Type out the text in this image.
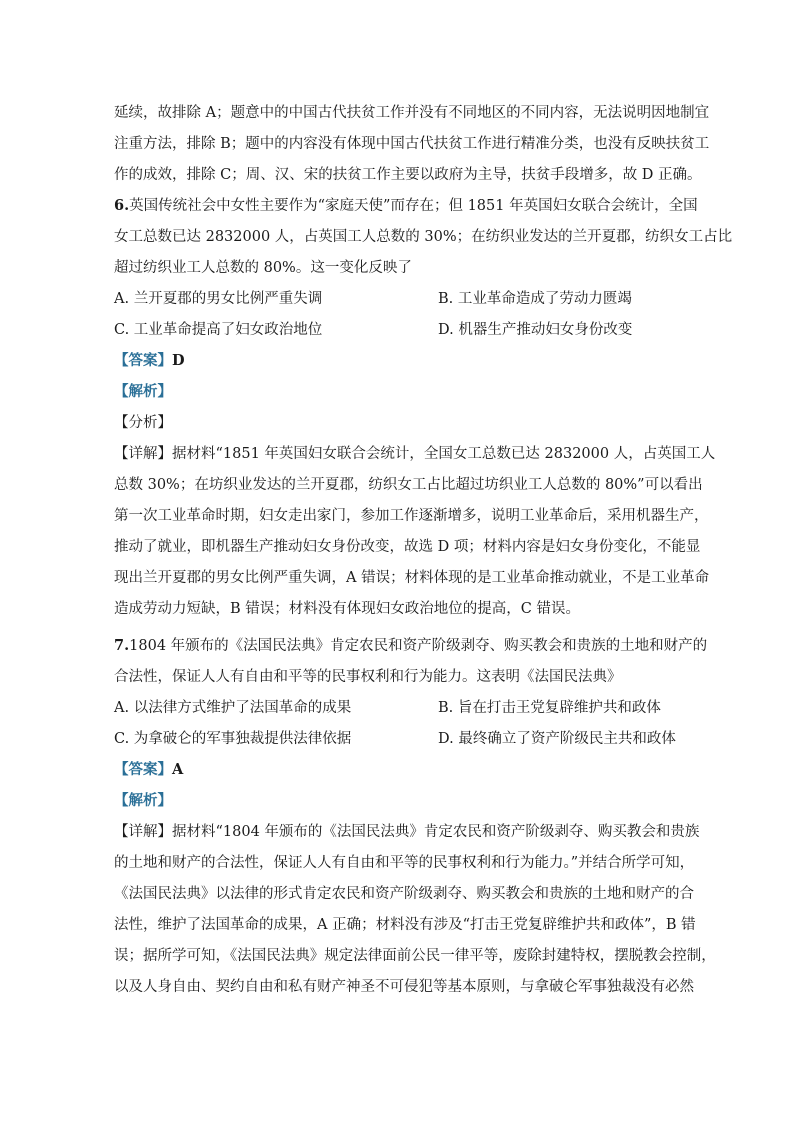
延续，故排除 A；题意中的中国古代扶贫工作并没有不同地区的不同内容，无法说明因地制宜
注重方法，排除 B；题中的内容没有体现中国古代扶贫工作进行精准分类，也没有反映扶贫工
作的成效，排除 C；周、汉、宋的扶贫工作主要以政府为主导，扶贫手段增多，故 D 正确。
6.英国传统社会中女性主要作为“家庭天使”而存在；但 1851 年英国妇女联合会统计，全国
女工总数已达 2832000 人，占英国工人总数的 30%；在纺织业发达的兰开夏郡，纺织女工占比
超过纺织业工人总数的 80%。这一变化反映了
A. 兰开夏郡的男女比例严重失调	B. 工业革命造成了劳动力匮竭
C. 工业革命提高了妇女政治地位	D. 机器生产推动妇女身份改变
【答案】D
【解析】
【分析】
【详解】据材料“1851 年英国妇女联合会统计，全国女工总数已达 2832000 人，占英国工人
总数 30%；在坊织业发达的兰开夏郡，纺织女工占比超过坊织业工人总数的 80%”可以看出
第一次工业革命时期，妇女走出家门，参加工作逐渐增多，说明工业革命后，采用机器生产，
推动了就业，即机器生产推动妇女身份改变，故选 D 项；材料内容是妇女身份变化，不能显
现出兰开夏郡的男女比例严重失调，A 错误；材料体现的是工业革命推动就业，不是工业革命
造成劳动力短缺，B 错误；材料没有体现妇女政治地位的提高，C 错误。
7.1804 年颁布的《法国民法典》肯定农民和资产阶级剥夺、购买教会和贵族的土地和财产的
合法性，保证人人有自由和平等的民事权利和行为能力。这表明《法国民法典》
A. 以法律方式维护了法国革命的成果	B. 旨在打击王党复辟维护共和政体
C. 为拿破仑的军事独裁提供法律依据	D. 最终确立了资产阶级民主共和政体
【答案】A
【解析】
【详解】据材料“1804 年颁布的《法国民法典》肯定农民和资产阶级剥夺、购买教会和贵族
的土地和财产的合法性，保证人人有自由和平等的民事权利和行为能力。”并结合所学可知，
《法国民法典》以法律的形式肯定农民和资产阶级剥夺、购买教会和贵族的土地和财产的合
法性，维护了法国革命的成果，A 正确；材料没有涉及“打击王党复辟维护共和政体”，B 错
误；据所学可知，《法国民法典》规定法律面前公民一律平等，废除封建特权，摆脱教会控制，
以及人身自由、契约自由和私有财产神圣不可侵犯等基本原则，与拿破仑军事独裁没有必然
